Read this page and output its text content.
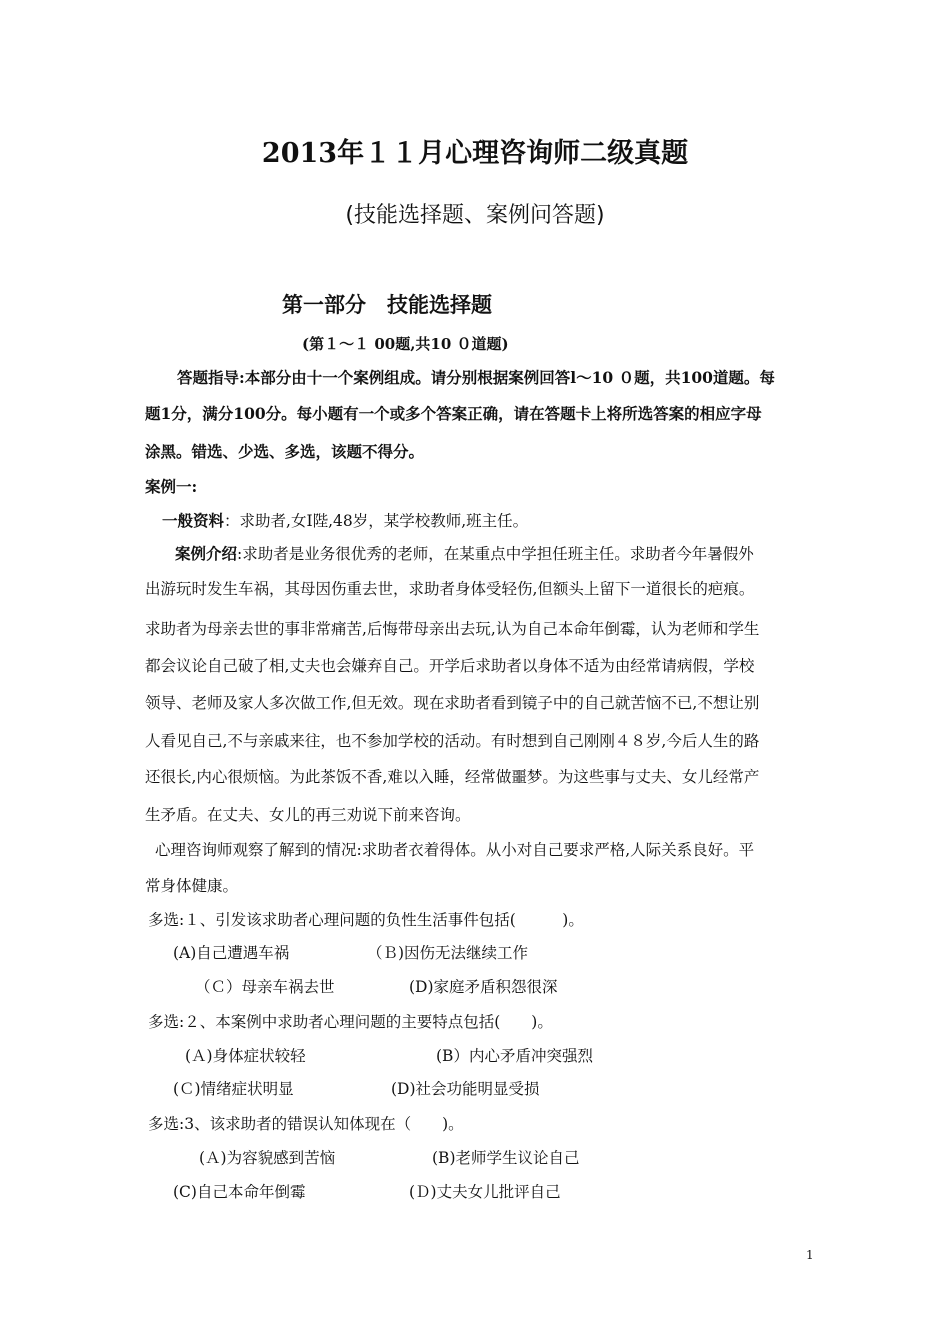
2013年１１月心理咨询师二级真题
(技能选择题、案例问答题)
第一部分　技能选择题
(第１～１ 00题,共10 ０道题)
答题指导:本部分由十一个案例组成。请分别根据案例回答l～10 ０题，共100道题。每
题1分，满分100分。每小题有一个或多个答案正确，请在答题卡上将所选答案的相应字母
涂黑。错选、少选、多选，该题不得分。
案例一:
一般资料：求助者,女I陛,48岁，某学校教师,班主任。
案例介绍:求助者是业务很优秀的老师，在某重点中学担任班主任。求助者今年暑假外
出游玩时发生车祸，其母因伤重去世，求助者身体受轻伤,但额头上留下一道很长的疤痕。
求助者为母亲去世的事非常痛苦,后悔带母亲出去玩,认为自己本命年倒霉，认为老师和学生
都会议论自己破了相,丈夫也会嫌弃自己。开学后求助者以身体不适为由经常请病假，学校
领导、老师及家人多次做工作,但无效。现在求助者看到镜子中的自己就苦恼不已,不想让别
人看见自己,不与亲戚来往，也不参加学校的活动。有时想到自己刚刚４８岁,今后人生的路
还很长,内心很烦恼。为此茶饭不香,难以入睡，经常做噩梦。为这些事与丈夫、女儿经常产
生矛盾。在丈夫、女儿的再三劝说下前来咨询。
心理咨询师观察了解到的情况:求助者衣着得体。从小对自己要求严格,人际关系良好。平
常身体健康。
多选:１、引发该求助者心理问题的负性生活事件包括(　　　)。
(A)自己遭遇车祸	（Ｂ)因伤无法继续工作
（Ｃ）母亲车祸去世	(D)家庭矛盾积怨很深
多选:２、本案例中求助者心理问题的主要特点包括(　　)。
(Ａ)身体症状较轻	(B）内心矛盾冲突强烈
(Ｃ)情绪症状明显	(D)社会功能明显受损
多选:3、该求助者的错误认知体现在（　　)。
(Ａ)为容貌感到苦恼	(B)老师学生议论自己
(C)自己本命年倒霉	(Ｄ)丈夫女儿批评自己
1
